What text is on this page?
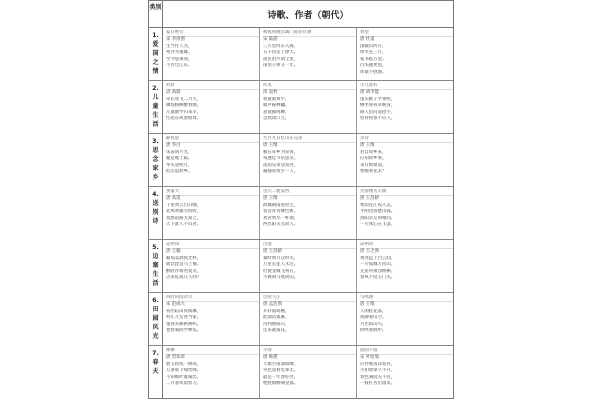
类别
诗歌、作者（朝代）
1.
爱
国
之
情
夏日绝句
宋 李清照
生当作人杰，
死亦为鬼雄。
至今思项羽，
不肯过江东。
秋夜将晓出篱门迎凉有感
宋 陆游
三万里河东入海，
五千仞岳上摩天。
遗民泪尽胡尘里，
南望王师又一年。
春望
唐 杜甫
国破山河在，
烽火连三月，
家书抵万金。
白头搔更短，
浑欲不胜簪。
2.
儿
童
生
活
村居
清 高鼎
草长莺飞二月天，
拂堤杨柳醉春烟。
儿童散学归来早，
忙趁东风放纸鸢。
所见
清 袁枚
牧童骑黄牛，
歌声振林樾。
意欲捕鸣蝉，
忽然闭口立。
小儿垂钓
唐 胡令能
蓬头稚子学垂纶，
侧坐莓苔草映身。
路人借问遥招手，
怕得鱼惊不应人。
3.
思
念
家
乡
静夜思
唐 李白
床前明月光，
疑是地上霜。
举头望明月，
低头思故乡。
九月九日忆山东兄弟
唐 王维
独在异乡为异客，
每逢佳节倍思亲。
遥知兄弟登高处，
遍插茱萸少一人。
杂诗
唐 王维
君自故乡来，
应知故乡事。
来日绮窗前，
寒梅著花未？
4.
送
别
诗
别董大
唐 高适
千里黄云白日曛，
北风吹雁雪纷纷。
莫愁前路无知己，
天下谁人不识君。
送元二使安西
唐 王维
渭城朝雨浥轻尘，
客舍青青柳色新。
劝君更尽一杯酒，
西出阳关无故人。
芙蓉楼送辛渐
唐 王昌龄
寒雨连江夜入吴，
平明送客楚山孤。
洛阳亲友如相问，
一片冰心在玉壶。
5.
边
塞
生
活
凉州词
唐 王翰
葡萄美酒夜光杯，
欲饮琵琶马上催。
醉卧沙场君莫笑，
古来征战几人回？
出塞
唐 王昌龄
秦时明月汉时关，
万里长征人未还。
但使龙城飞将在，
不教胡马度阴山。
凉州词
唐 王之涣
黄河远上白云间，
一片孤城万仞山。
羌笛何须怨杨柳，
春风不度玉门关。
6.
田
园
风
光
四时田园杂兴
宋 范成大
昼出耘田夜绩麻，
村庄儿女各当家。
童孙未解供耕织，
也傍桑阴学种瓜。
过故人庄
唐 孟浩然
开轩面场圃，
把酒话桑麻。
待到重阳日，
还来就菊花。
鸟鸣涧
唐 王维
人闲桂花落，
夜静春山空。
月出惊山鸟，
时鸣春涧中。
7.
春
天
咏柳
唐 贺知章
碧玉妆成一树高，
万条垂下绿丝绦。
不知细叶谁裁出，
二月春风似剪刀。
早春
唐 韩愈
天街小雨润如酥，
草色遥看近却无。
最是一年春好处，
绝胜烟柳满皇都。
游园不值
宋 叶绍翁
应怜屐齿印苍苔，
小扣柴扉久不开。
春色满园关不住，
一枝红杏出墙来。
